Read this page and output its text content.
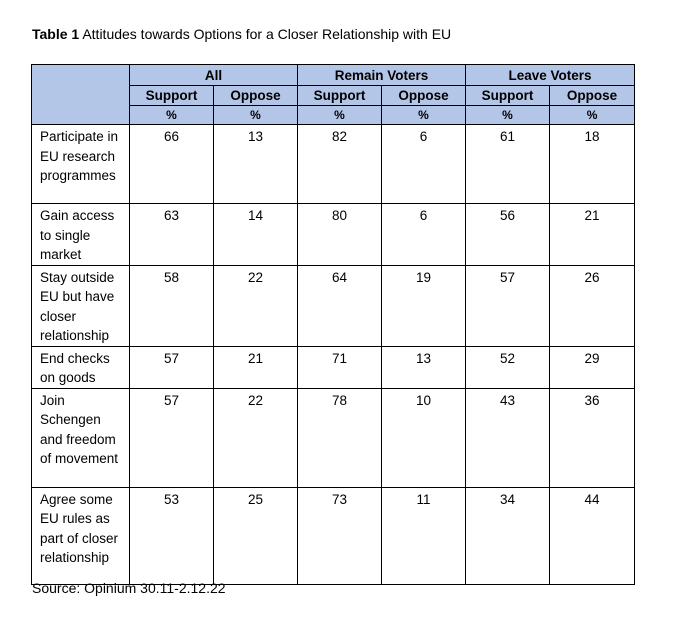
Table 1 Attitudes towards Options for a Closer Relationship with EU
	All		Remain Voters		Leave Voters	
	Support	Oppose	Support	Oppose	Support	Oppose
	%	%	%	%	%	%
Participate in EU research programmes	66	13	82	6	61	18
Gain access to single market	63	14	80	6	56	21
Stay outside EU but have closer relationship	58	22	64	19	57	26
End checks on goods	57	21	71	13	52	29
Join Schengen and freedom of movement	57	22	78	10	43	36
Agree some EU rules as part of closer relationship	53	25	73	11	34	44
Source: Opinium 30.11-2.12.22
